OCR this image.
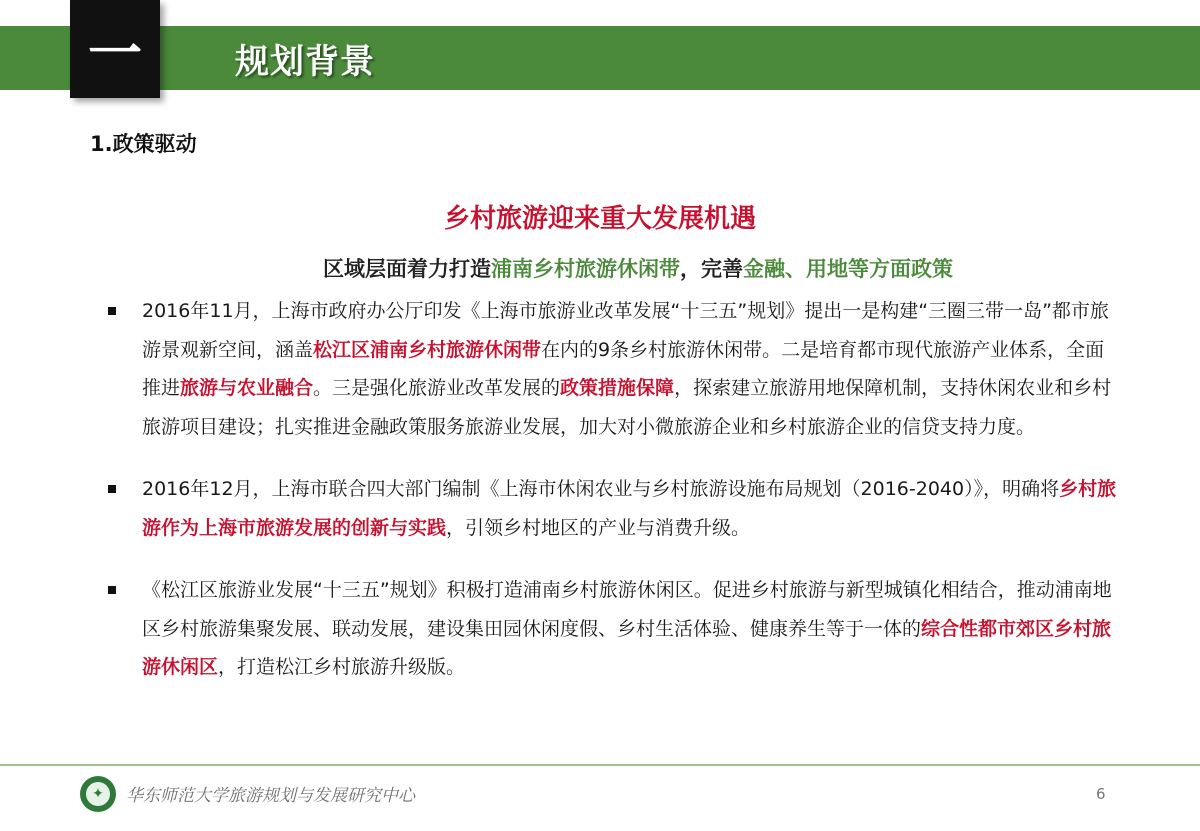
一	规划背景
1.政策驱动
乡村旅游迎来重大发展机遇
区域层面着力打造浦南乡村旅游休闲带，完善金融、用地等方面政策
2016年11月，上海市政府办公厅印发《上海市旅游业改革发展“十三五”规划》提出一是构建“三圈三带一岛”都市旅游景观新空间，涵盖松江区浦南乡村旅游休闲带在内的9条乡村旅游休闲带。二是培育都市现代旅游产业体系，全面推进旅游与农业融合。三是强化旅游业改革发展的政策措施保障，探索建立旅游用地保障机制，支持休闲农业和乡村旅游项目建设；扎实推进金融政策服务旅游业发展，加大对小微旅游企业和乡村旅游企业的信贷支持力度。
2016年12月，上海市联合四大部门编制《上海市休闲农业与乡村旅游设施布局规划（2016-2040）》，明确将乡村旅游作为上海市旅游发展的创新与实践，引领乡村地区的产业与消费升级。
《松江区旅游业发展“十三五”规划》积极打造浦南乡村旅游休闲区。促进乡村旅游与新型城镇化相结合，推动浦南地区乡村旅游集聚发展、联动发展，建设集田园休闲度假、乡村生活体验、健康养生等于一体的综合性都市郊区乡村旅游休闲区，打造松江乡村旅游升级版。
✦	华东师范大学旅游规划与发展研究中心	6
